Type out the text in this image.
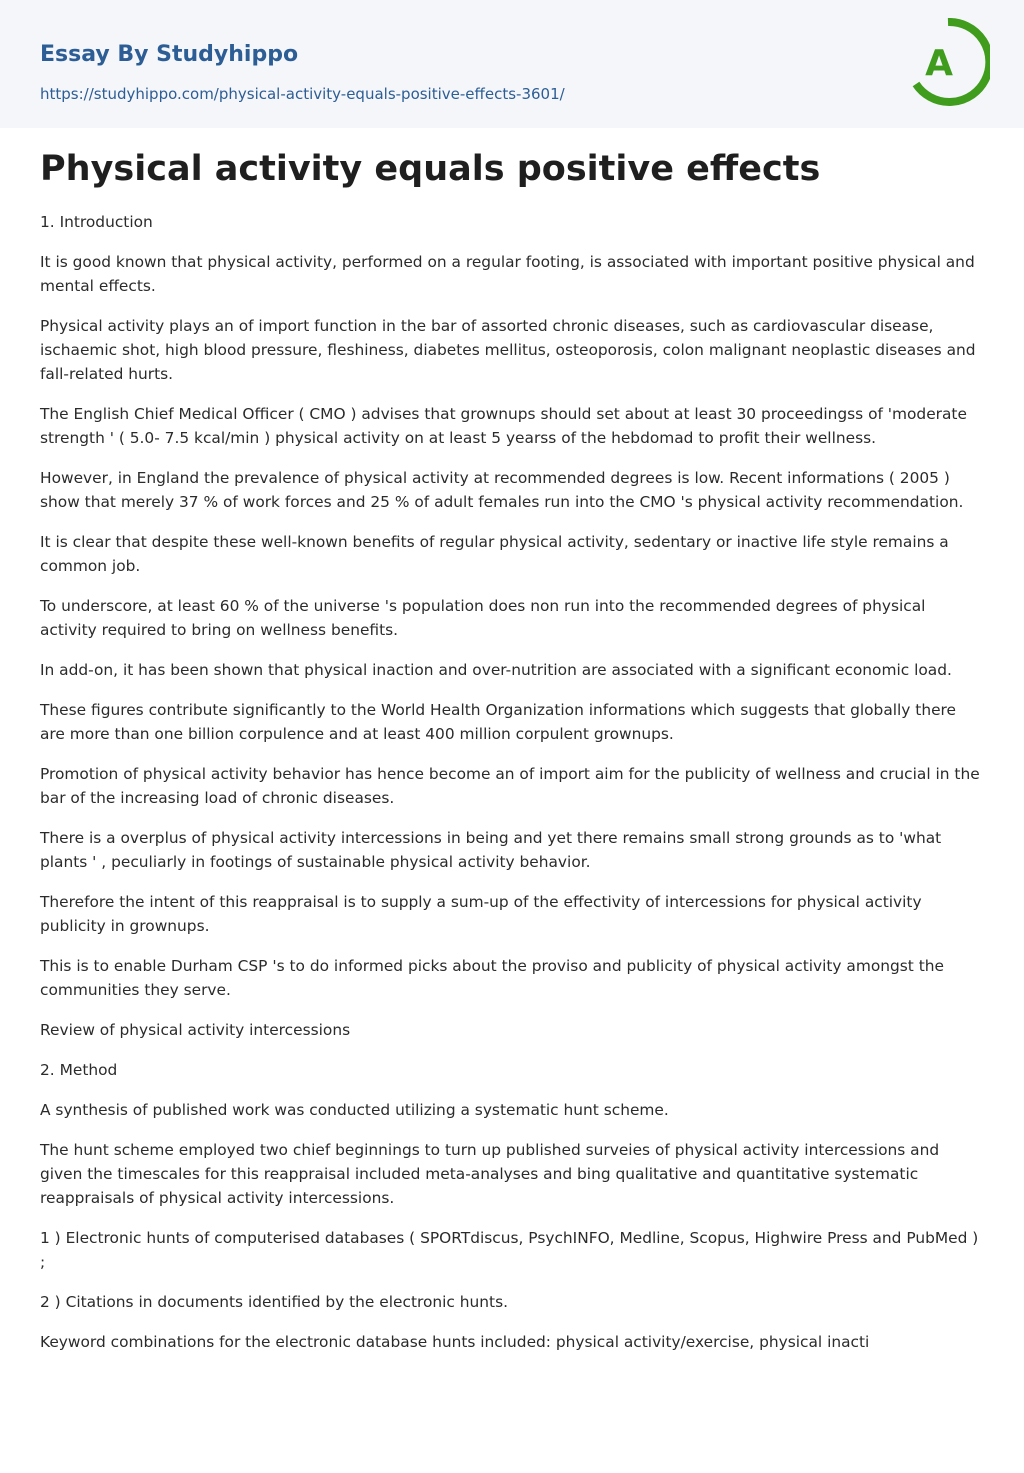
Essay By Studyhippo
https://studyhippo.com/physical-activity-equals-positive-effects-3601/
A
Physical activity equals positive effects

1. Introduction

It is good known that physical activity, performed on a regular footing, is associated with important positive physical and mental effects.

Physical activity plays an of import function in the bar of assorted chronic diseases, such as cardiovascular disease, ischaemic shot, high blood pressure, fleshiness, diabetes mellitus, osteoporosis, colon malignant neoplastic diseases and fall-related hurts.

The English Chief Medical Officer ( CMO ) advises that grownups should set about at least 30 proceedingss of 'moderate strength ' ( 5.0- 7.5 kcal/min ) physical activity on at least 5 yearss of the hebdomad to profit their wellness.

However, in England the prevalence of physical activity at recommended degrees is low. Recent informations ( 2005 ) show that merely 37 % of work forces and 25 % of adult females run into the CMO 's physical activity recommendation.

It is clear that despite these well-known benefits of regular physical activity, sedentary or inactive life style remains a common job.

To underscore, at least 60 % of the universe 's population does non run into the recommended degrees of physical activity required to bring on wellness benefits.

In add-on, it has been shown that physical inaction and over-nutrition are associated with a significant economic load.

These figures contribute significantly to the World Health Organization informations which suggests that globally there are more than one billion corpulence and at least 400 million corpulent grownups.

Promotion of physical activity behavior has hence become an of import aim for the publicity of wellness and crucial in the bar of the increasing load of chronic diseases.

There is a overplus of physical activity intercessions in being and yet there remains small strong grounds as to 'what plants ' , peculiarly in footings of sustainable physical activity behavior.

Therefore the intent of this reappraisal is to supply a sum-up of the effectivity of intercessions for physical activity publicity in grownups.

This is to enable Durham CSP 's to do informed picks about the proviso and publicity of physical activity amongst the communities they serve.

Review of physical activity intercessions

2. Method

A synthesis of published work was conducted utilizing a systematic hunt scheme.

The hunt scheme employed two chief beginnings to turn up published surveies of physical activity intercessions and given the timescales for this reappraisal included meta-analyses and bing qualitative and quantitative systematic reappraisals of physical activity intercessions.

1 ) Electronic hunts of computerised databases ( SPORTdiscus, PsychINFO, Medline, Scopus, Highwire Press and PubMed ) ;

2 ) Citations in documents identified by the electronic hunts.

Keyword combinations for the electronic database hunts included: physical activity/exercise, physical inacti
